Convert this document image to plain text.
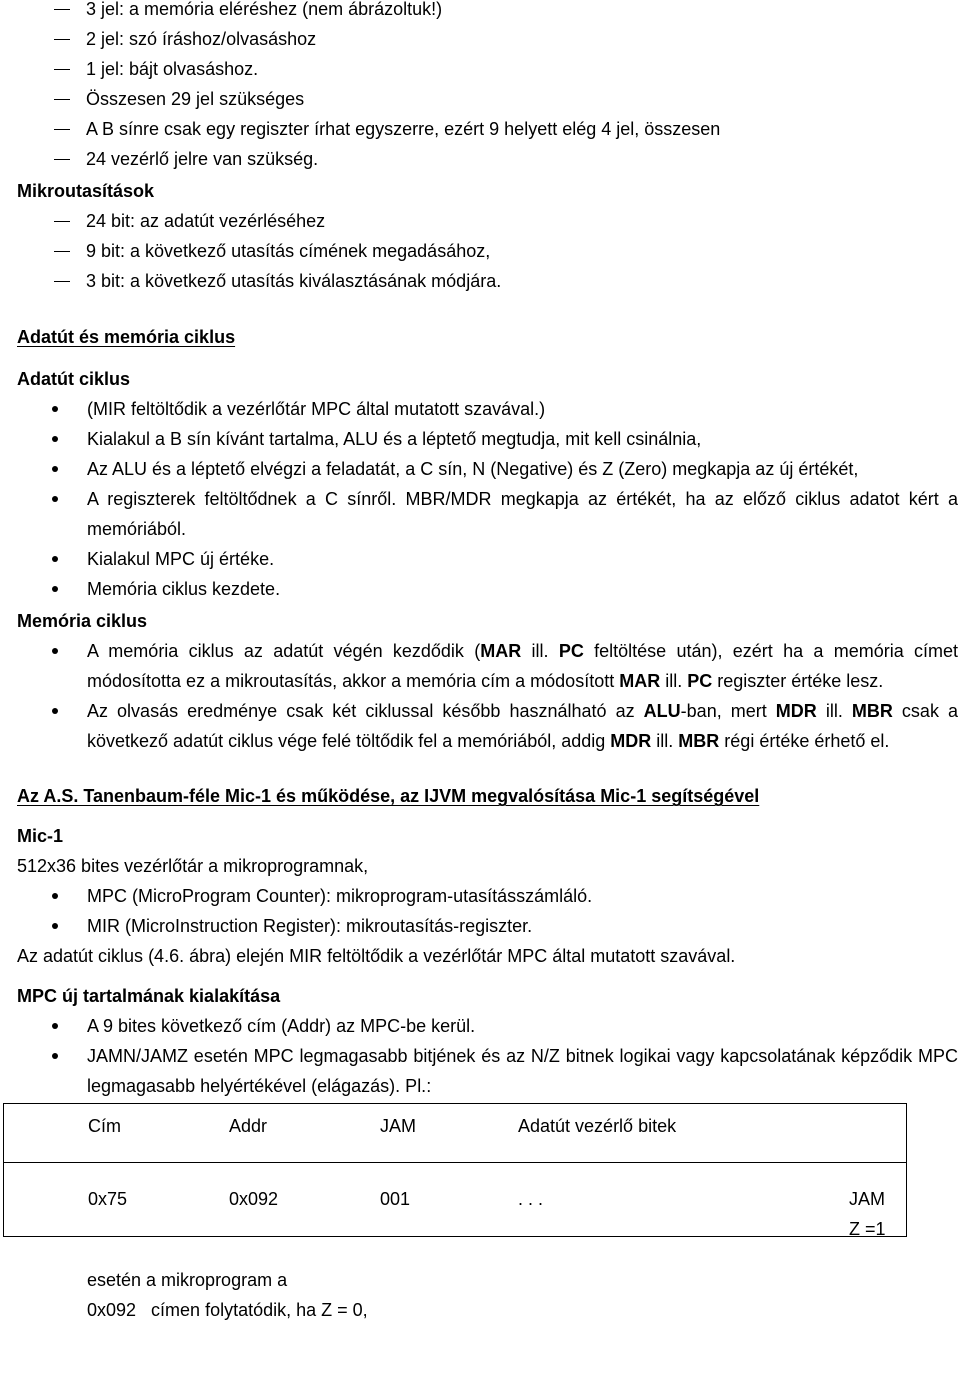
3 jel: a memória eléréshez (nem ábrázoltuk!)
2 jel: szó íráshoz/olvasáshoz
1 jel: bájt olvasáshoz.
Összesen 29 jel szükséges
A B sínre csak egy regiszter írhat egyszerre, ezért 9 helyett elég 4 jel, összesen
24 vezérlő jelre van szükség.
Mikroutasítások
24 bit: az adatút vezérléséhez
9 bit: a következő utasítás címének megadásához,
3 bit: a következő utasítás kiválasztásának módjára.
Adatút és memória ciklus
Adatút ciklus
(MIR feltöltődik a vezérlőtár MPC által mutatott szavával.)
Kialakul a B sín kívánt tartalma, ALU és a léptető megtudja, mit kell csinálnia,
Az ALU és a léptető elvégzi a feladatát, a C sín, N (Negative) és Z (Zero) megkapja az új értékét,
A regiszterek feltöltődnek a C sínről. MBR/MDR megkapja az értékét, ha az előző ciklus adatot kért a memóriából.
Kialakul MPC új értéke.
Memória ciklus kezdete.
Memória ciklus
A memória ciklus az adatút végén kezdődik (MAR ill. PC feltöltése után), ezért ha a memória címet módosította ez a mikroutasítás, akkor a memória cím a módosított MAR ill. PC regiszter értéke lesz.
Az olvasás eredménye csak két ciklussal később használható az ALU-ban, mert MDR ill. MBR csak a következő adatút ciklus vége felé töltődik fel a memóriából, addig MDR ill. MBR régi értéke érhető el.
Az A.S. Tanenbaum-féle Mic-1 és működése, az IJVM megvalósítása Mic-1 segítségével
Mic-1
512x36 bites vezérlőtár a mikroprogramnak,
MPC (MicroProgram Counter): mikroprogram-utasításszámláló.
MIR (MicroInstruction Register): mikroutasítás-regiszter.
Az adatút ciklus (4.6. ábra) elején MIR feltöltődik a vezérlőtár MPC által mutatott szavával.
MPC új tartalmának kialakítása
A 9 bites következő cím (Addr) az MPC-be kerül.
JAMN/JAMZ esetén MPC legmagasabb bitjének és az N/Z bitnek logikai vagy kapcsolatának képződik MPC legmagasabb helyértékével (elágazás). Pl.:
Cím	Addr	JAM	Adatút vezérlő bitek
0x75	0x092	001	. . .	JAM
Z =1
esetén a mikroprogram a
0x092   címen folytatódik, ha Z = 0,
